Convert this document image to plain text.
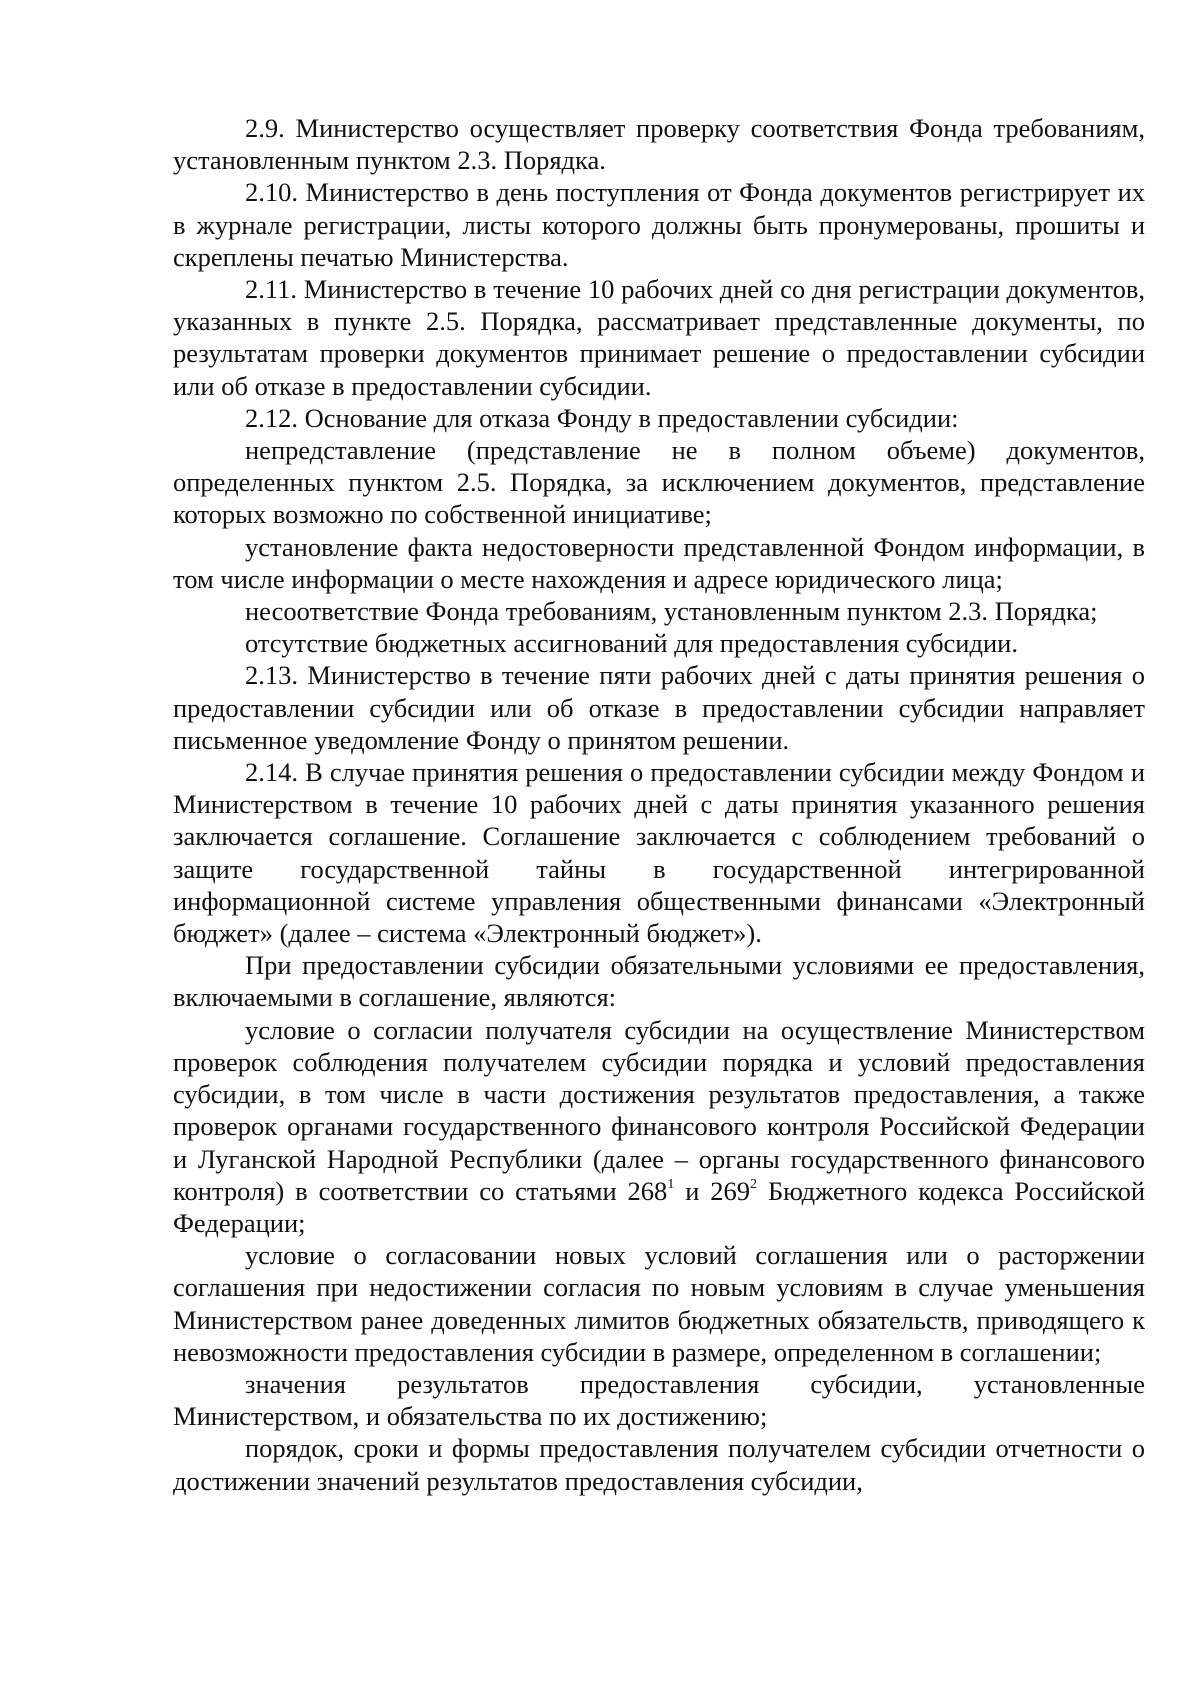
2.9. Министерство осуществляет проверку соответствия Фонда требованиям, установленным пунктом 2.3. Порядка.

2.10. Министерство в день поступления от Фонда документов регистрирует их в журнале регистрации, листы которого должны быть пронумерованы, прошиты и скреплены печатью Министерства.

2.11. Министерство в течение 10 рабочих дней со дня регистрации документов, указанных в пункте 2.5. Порядка, рассматривает представленные документы, по результатам проверки документов принимает решение о предоставлении субсидии или об отказе в предоставлении субсидии.

2.12. Основание для отказа Фонду в предоставлении субсидии:

непредставление (представление не в полном объеме) документов, определенных пунктом 2.5. Порядка, за исключением документов, представление которых возможно по собственной инициативе;

установление факта недостоверности представленной Фондом информации, в том числе информации о месте нахождения и адресе юридического лица;

несоответствие Фонда требованиям, установленным пунктом 2.3. Порядка;

отсутствие бюджетных ассигнований для предоставления субсидии.

2.13. Министерство в течение пяти рабочих дней с даты принятия решения о предоставлении субсидии или об отказе в предоставлении субсидии направляет письменное уведомление Фонду о принятом решении.

2.14. В случае принятия решения о предоставлении субсидии между Фондом и Министерством в течение 10 рабочих дней с даты принятия указанного решения заключается соглашение. Соглашение заключается с соблюдением требований о защите государственной тайны в государственной интегрированной информационной системе управления общественными финансами «Электронный бюджет» (далее – система «Электронный бюджет»).

При предоставлении субсидии обязательными условиями ее предоставления, включаемыми в соглашение, являются:

условие о согласии получателя субсидии на осуществление Министерством проверок соблюдения получателем субсидии порядка и условий предоставления субсидии, в том числе в части достижения результатов предоставления, а также проверок органами государственного финансового контроля Российской Федерации и Луганской Народной Республики (далее – органы государственного финансового контроля) в соответствии со статьями $268^1$ и $269^2$ Бюджетного кодекса Российской Федерации;

условие о согласовании новых условий соглашения или о расторжении соглашения при недостижении согласия по новым условиям в случае уменьшения Министерством ранее доведенных лимитов бюджетных обязательств, приводящего к невозможности предоставления субсидии в размере, определенном в соглашении;

значения результатов предоставления субсидии, установленные Министерством, и обязательства по их достижению;

порядок, сроки и формы предоставления получателем субсидии отчетности о достижении значений результатов предоставления субсидии,
